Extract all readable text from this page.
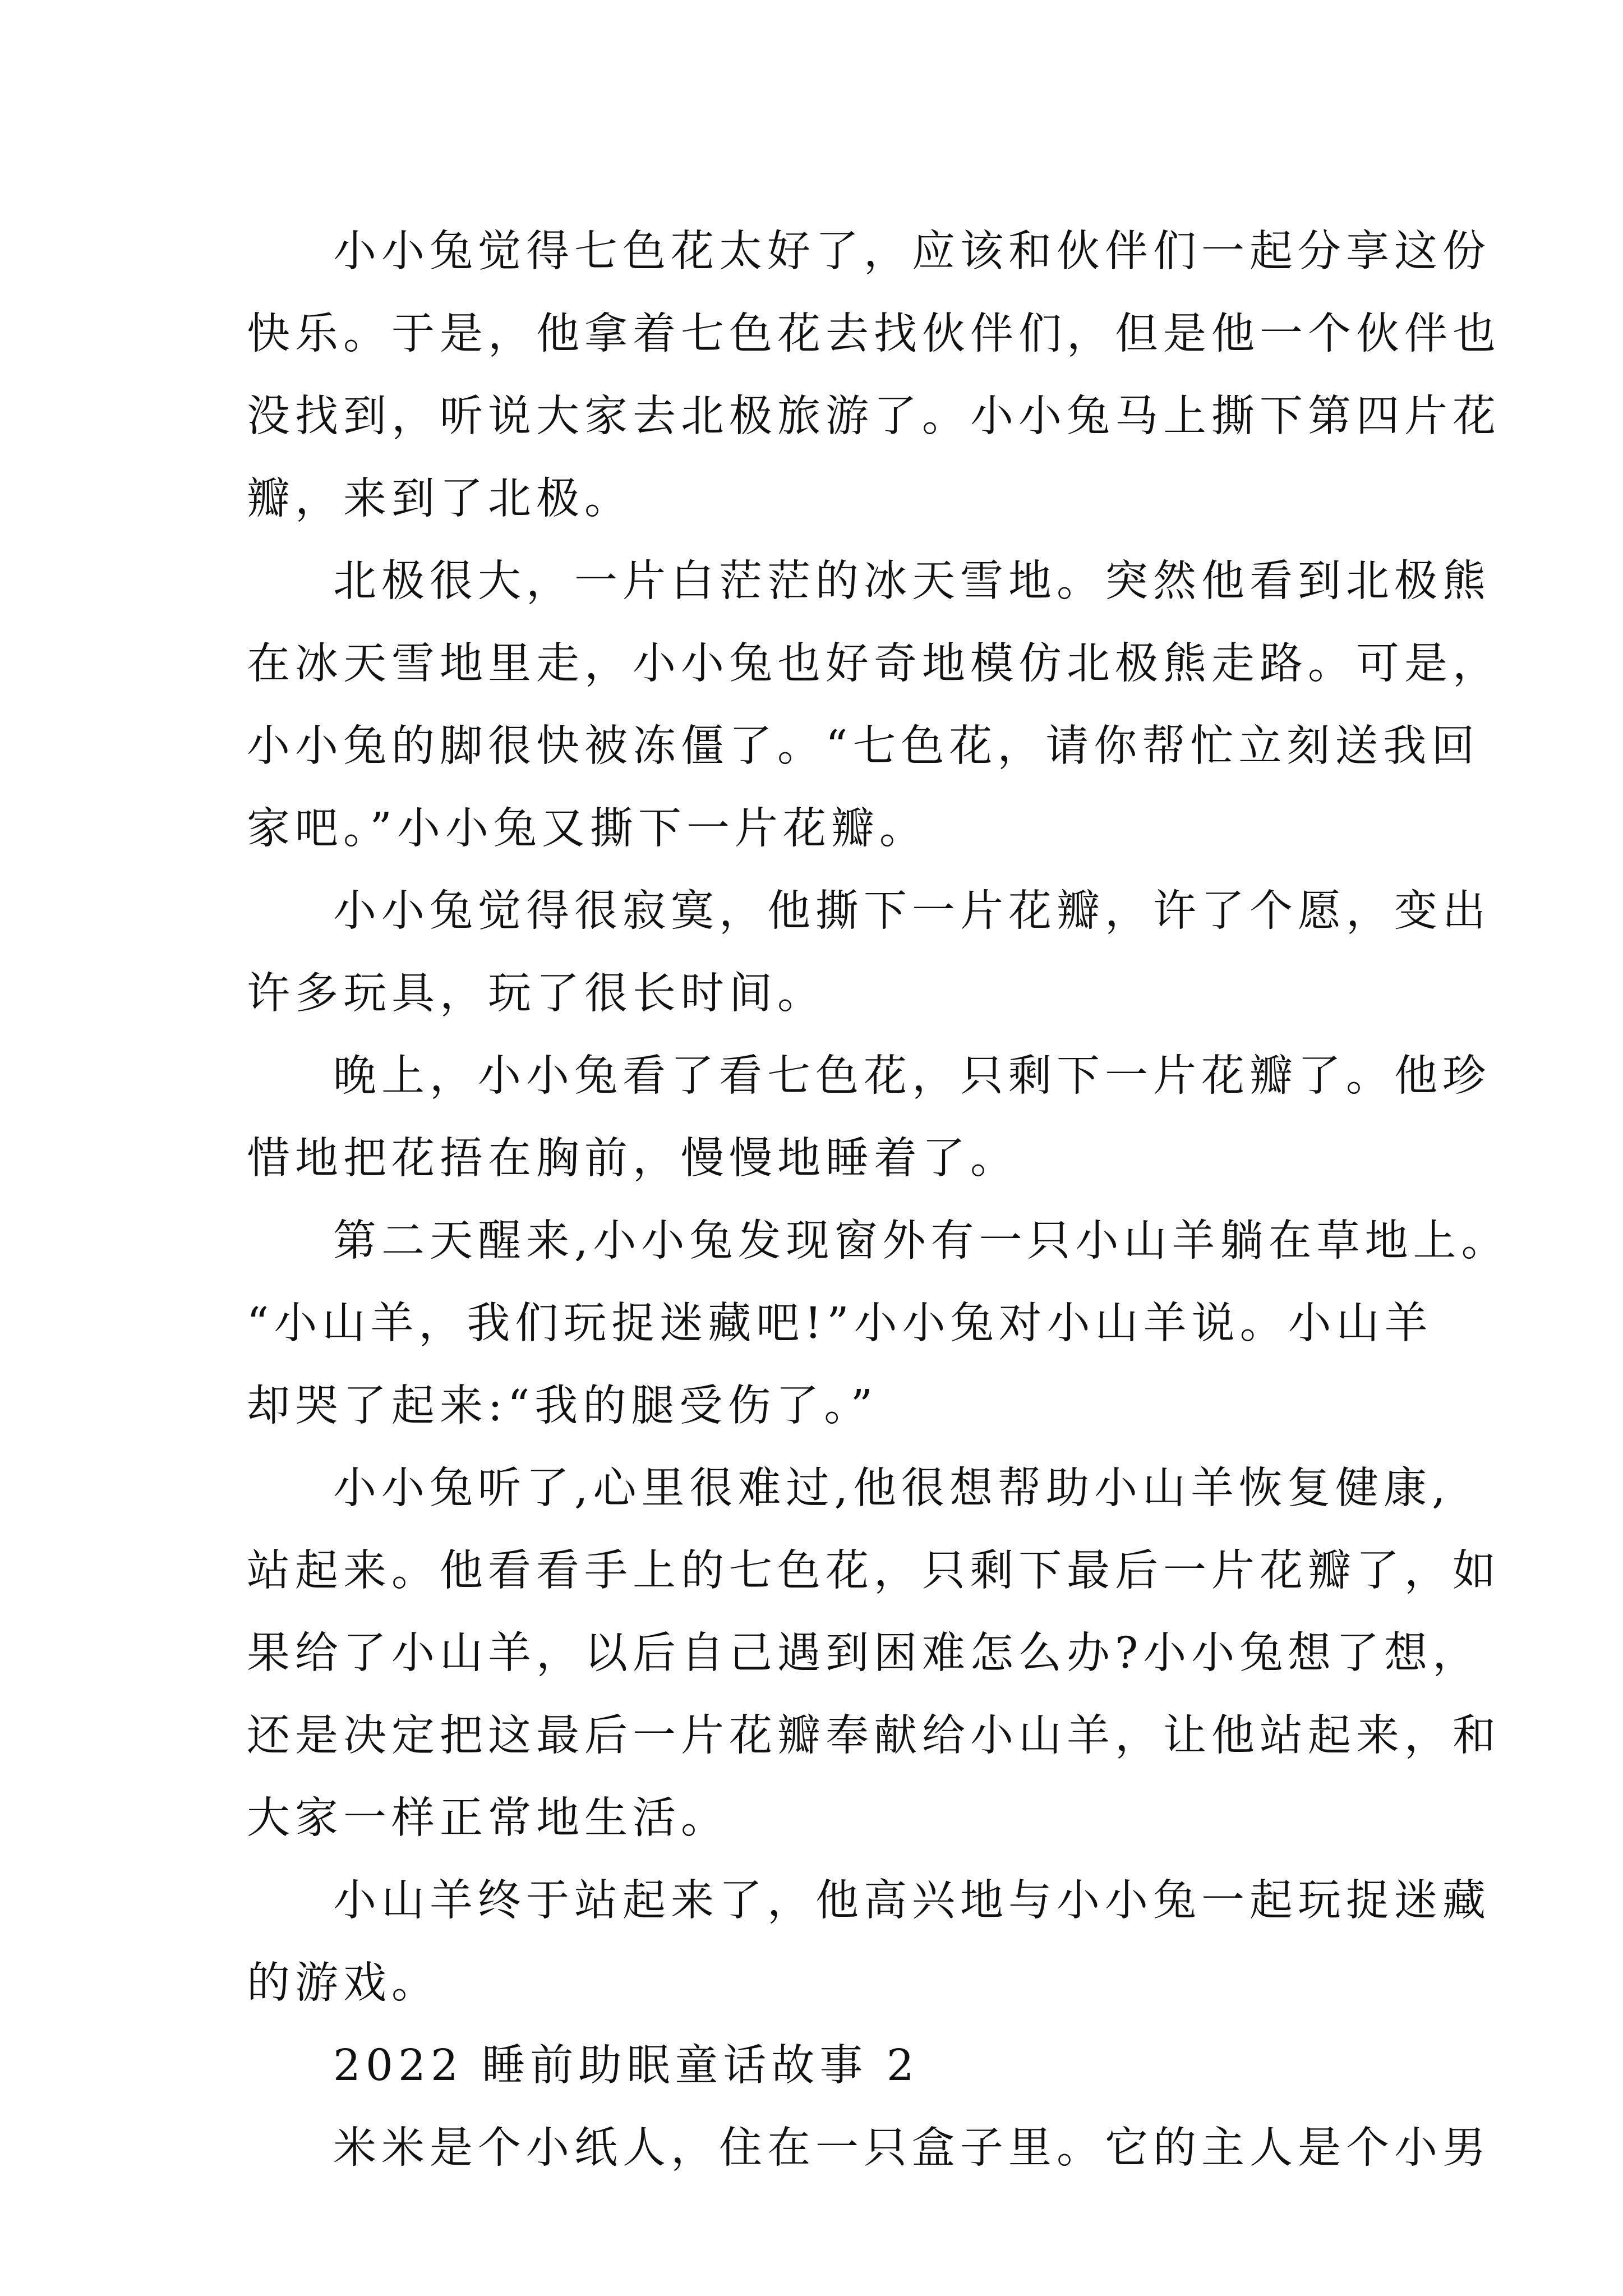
小小兔觉得七色花太好了，应该和伙伴们一起分享这份
快乐。于是，他拿着七色花去找伙伴们，但是他一个伙伴也
没找到，听说大家去北极旅游了。小小兔马上撕下第四片花
瓣，来到了北极。

北极很大，一片白茫茫的冰天雪地。突然他看到北极熊
在冰天雪地里走，小小兔也好奇地模仿北极熊走路。可是，
小小兔的脚很快被冻僵了。“七色花，请你帮忙立刻送我回
家吧。”小小兔又撕下一片花瓣。

小小兔觉得很寂寞，他撕下一片花瓣，许了个愿，变出
许多玩具，玩了很长时间。

晚上，小小兔看了看七色花，只剩下一片花瓣了。他珍
惜地把花捂在胸前，慢慢地睡着了。

第二天醒来,小小兔发现窗外有一只小山羊躺在草地上。
“小山羊，我们玩捉迷藏吧!”小小兔对小山羊说。小山羊
却哭了起来:“我的腿受伤了。”

小小兔听了,心里很难过,他很想帮助小山羊恢复健康,
站起来。他看看手上的七色花，只剩下最后一片花瓣了，如
果给了小山羊，以后自己遇到困难怎么办?小小兔想了想，
还是决定把这最后一片花瓣奉献给小山羊，让他站起来，和
大家一样正常地生活。

小山羊终于站起来了，他高兴地与小小兔一起玩捉迷藏
的游戏。

2022 睡前助眠童话故事 2

米米是个小纸人，住在一只盒子里。它的主人是个小男
